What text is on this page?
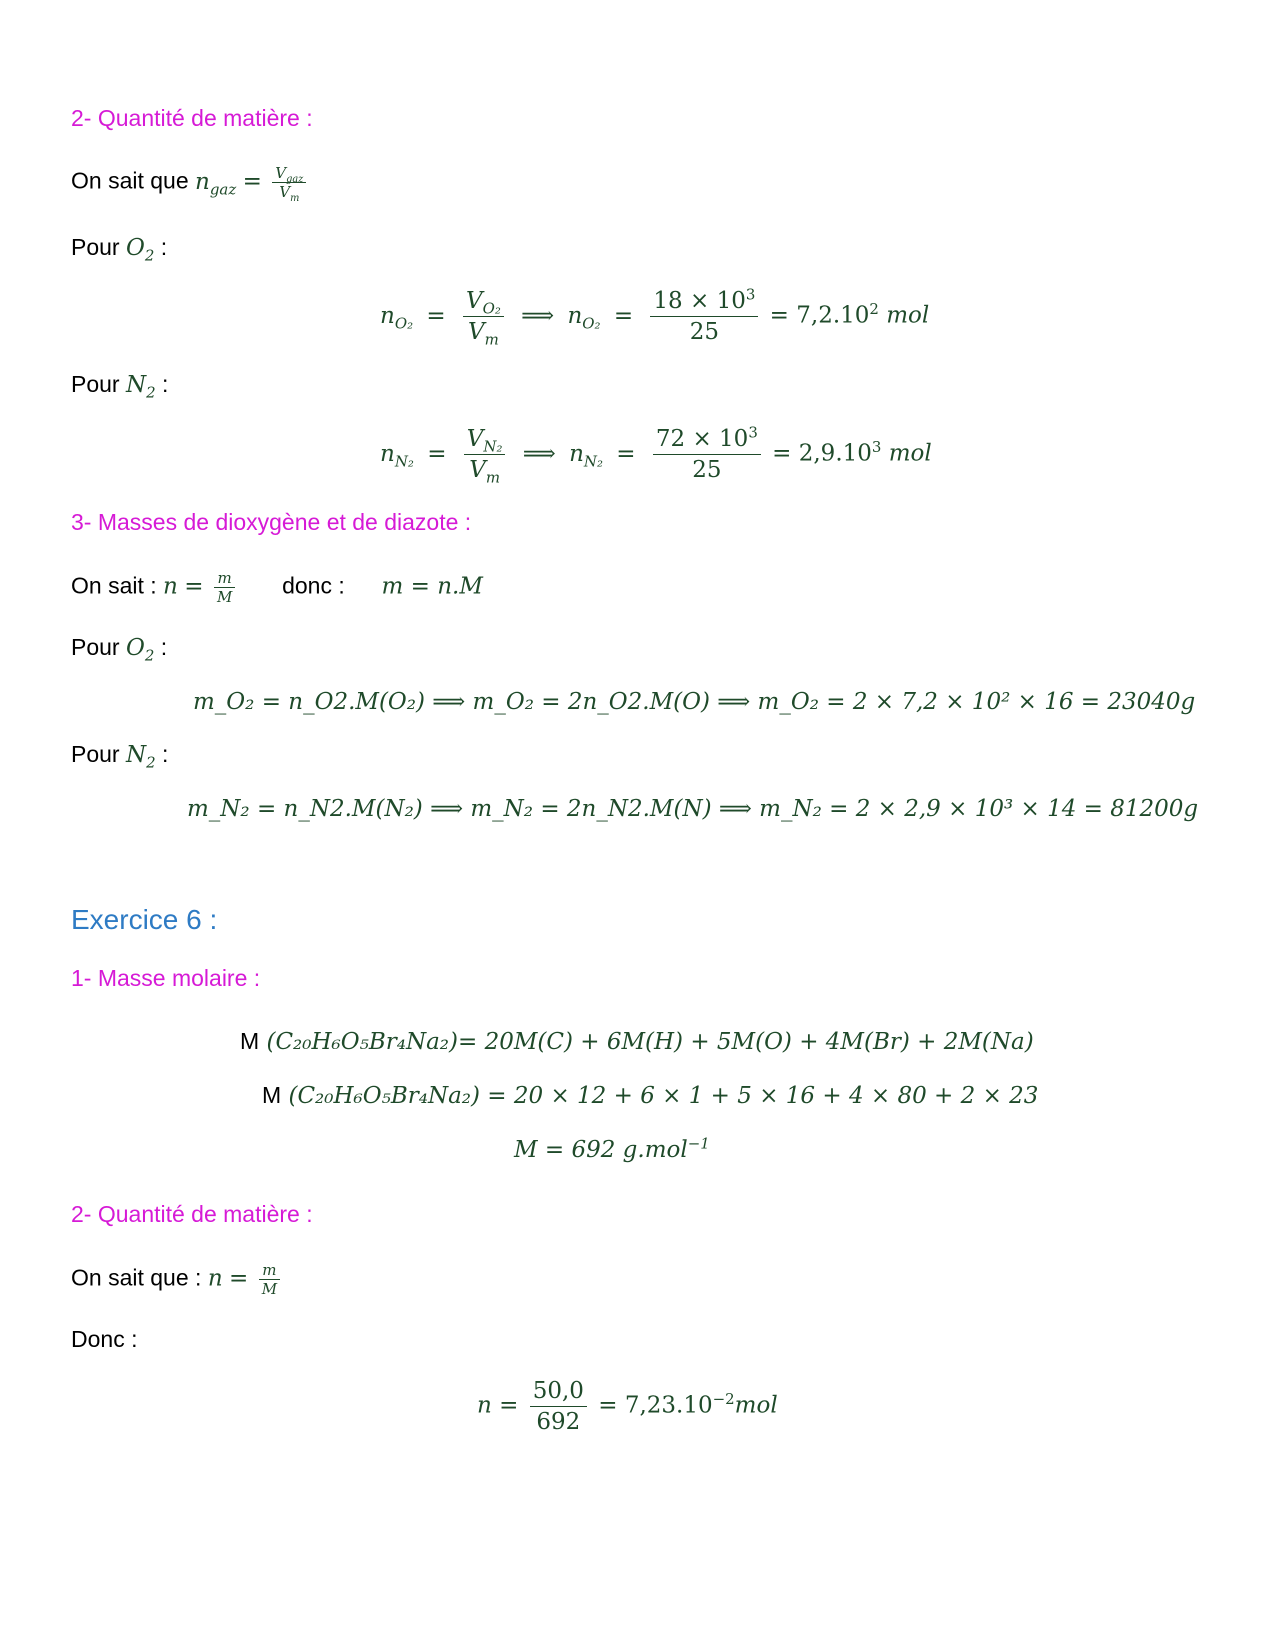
2- Quantité de matière :
On sait que $n_{gaz} = \frac{V_{gaz}}{V_m}$
Pour $O_2$ :
$n_{O_2} = \frac{V_{O_2}}{V_m}$ ⟹ $n_{O_2} = \frac{18 \times 10^3}{25} = 7,2.10^2$ mol
Pour $N_2$ :
$n_{N_2} = \frac{V_{N_2}}{V_m}$ ⟹ $n_{N_2} = \frac{72 \times 10^3}{25} = 2,9.10^3$ mol
3- Masses de dioxygène et de diazote :
On sait : $n = \frac{m}{M}$ donc : m = n.M
Pour $O_2$ :
m_O₂ = n_O2.M(O₂) ⟹ m_O₂ = 2n_O2.M(O) ⟹ m_O₂ = 2 × 7,2 × 10² × 16 = 23040g
Pour $N_2$ :
m_N₂ = n_N2.M(N₂) ⟹ m_N₂ = 2n_N2.M(N) ⟹ m_N₂ = 2 × 2,9 × 10³ × 14 = 81200g
Exercice 6 :
1- Masse molaire :
M (C₂₀H₆O₅Br₄Na₂)= 20M(C) + 6M(H) + 5M(O) + 4M(Br) + 2M(Na)
M (C₂₀H₆O₅Br₄Na₂) = 20 × 12 + 6 × 1 + 5 × 16 + 4 × 80 + 2 × 23
M = 692 g.mol$^{-1}$
2- Quantité de matière :
On sait que : $n = \frac{m}{M}$
Donc :
$n = \frac{50,0}{692} = 7,23.10^{-2}mol$
